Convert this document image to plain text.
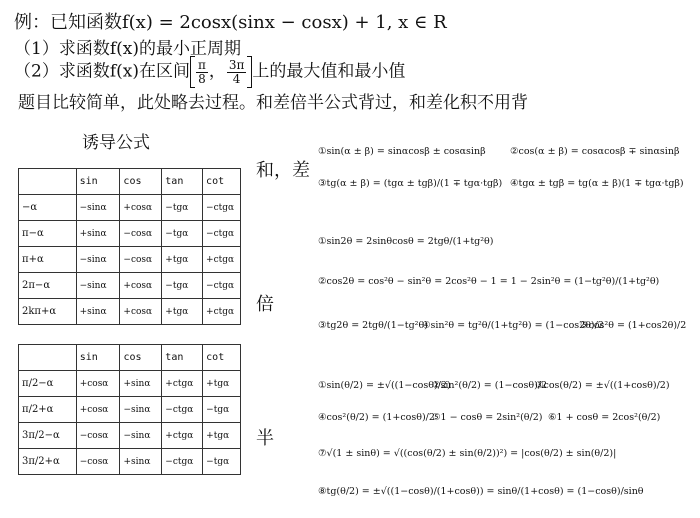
例：已知函数f(x) = 2cosx(sinx − cosx) + 1, x ∈ R
（1）求函数f(x)的最小正周期
（2）求函数f(x)在区间 $\frac{\pi}{8}$ ， $\frac{3\pi}{4}$ 上的最大值和最小值
题目比较简单，此处略去过程。和差倍半公式背过，和差化积不用背
诱导公式
	sin	cos	tan	cot
−α	−sinα	+cosα	−tgα	−ctgα
π−α	+sinα	−cosα	−tgα	−ctgα
π+α	−sinα	−cosα	+tgα	+ctgα
2π−α	−sinα	+cosα	−tgα	−ctgα
2kπ+α	+sinα	+cosα	+tgα	+ctgα
	sin	cos	tan	cot
π/2−α	+cosα	+sinα	+ctgα	+tgα
π/2+α	+cosα	−sinα	−ctgα	−tgα
3π/2−α	−cosα	−sinα	+ctgα	+tgα
3π/2+α	−cosα	+sinα	−ctgα	−tgα
和，差
倍
半
①sin(α ± β) = sinαcosβ ± cosαsinβ	②cos(α ± β) = cosαcosβ ∓ sinαsinβ
③tg(α ± β) = (tgα ± tgβ)/(1 ∓ tgα·tgβ) ④tgα ± tgβ = tg(α ± β)(1 ∓ tgα·tgβ)
①sin2θ = 2sinθcosθ = 2tgθ/(1+tg²θ)
②cos2θ = cos²θ − sin²θ = 2cos²θ − 1 = 1 − 2sin²θ = (1−tg²θ)/(1+tg²θ)
③tg2θ = 2tgθ/(1−tg²θ)
④sin²θ = tg²θ/(1+tg²θ) = (1−cos2θ)/2
⑤cos²θ = (1+cos2θ)/2
①sin(θ/2) = ±√((1−cosθ)/2)
②sin²(θ/2) = (1−cosθ)/2
③cos(θ/2) = ±√((1+cosθ)/2)
④cos²(θ/2) = (1+cosθ)/2
⑤1 − cosθ = 2sin²(θ/2) ⑥1 + cosθ = 2cos²(θ/2)
⑦√(1 ± sinθ) = √((cos(θ/2) ± sin(θ/2))²) = |cos(θ/2) ± sin(θ/2)|
⑧tg(θ/2) = ±√((1−cosθ)/(1+cosθ)) = sinθ/(1+cosθ) = (1−cosθ)/sinθ
